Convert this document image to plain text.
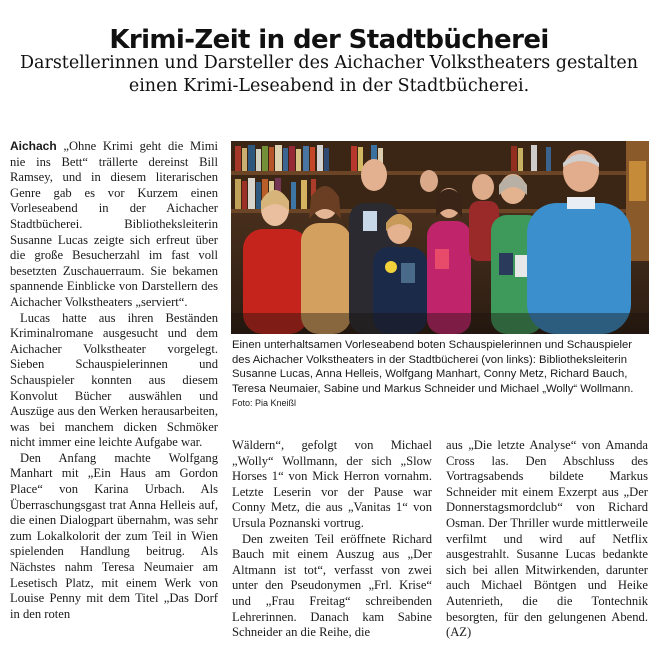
Krimi-Zeit in der Stadtbücherei
Darstellerinnen und Darsteller des Aichacher Volkstheaters gestalten einen Krimi-Leseabend in der Stadtbücherei.

Aichach „Ohne Krimi geht die Mimi nie ins Bett“ trällerte dereinst Bill Ramsey, und in diesem literarischen Genre gab es vor Kurzem einen Vorleseabend in der Aichacher Stadtbücherei. Bibliotheksleiterin Susanne Lucas zeigte sich erfreut über die große Besucherzahl im fast voll besetzten Zuschauerraum. Sie bekamen spannende Einblicke von Darstellern des Aichacher Volkstheaters „serviert“.

Lucas hatte aus ihren Beständen Kriminalromane ausgesucht und dem Aichacher Volkstheater vorgelegt. Sieben Schauspielerinnen und Schauspieler konnten aus diesem Konvolut Bücher auswählen und Auszüge aus den Werken herausarbeiten, was bei manchem dicken Schmöker nicht immer eine leichte Aufgabe war.

Den Anfang machte Wolfgang Manhart mit „Ein Haus am Gordon Place“ von Karina Urbach. Als Überraschungsgast trat Anna Helleis auf, die einen Dialogpart übernahm, was sehr zum Lokalkolorit der zum Teil in Wien spielenden Handlung beitrug. Als Nächstes nahm Teresa Neumaier am Lesetisch Platz, mit einem Werk von Louise Penny mit dem Titel „Das Dorf in den roten

Einen unterhaltsamen Vorleseabend boten Schauspielerinnen und Schauspieler des Aichacher Volkstheaters in der Stadtbücherei (von links): Bibliotheksleiterin Susanne Lucas, Anna Helleis, Wolfgang Manhart, Conny Metz, Richard Bauch, Teresa Neumaier, Sabine und Markus Schneider und Michael „Wolly“ Wollmann. Foto: Pia Kneißl

Wäldern“, gefolgt von Michael „Wolly“ Wollmann, der sich „Slow Horses 1“ von Mick Herron vornahm. Letzte Leserin vor der Pause war Conny Metz, die aus „Vanitas 1“ von Ursula Poznanski vortrug.

Den zweiten Teil eröffnete Richard Bauch mit einem Auszug aus „Der Altmann ist tot“, verfasst von zwei unter den Pseudonymen „Frl. Krise“ und „Frau Freitag“ schreibenden Lehrerinnen. Danach kam Sabine Schneider an die Reihe, die

aus „Die letzte Analyse“ von Amanda Cross las. Den Abschluss des Vortragsabends bildete Markus Schneider mit einem Exzerpt aus „Der Donnerstagsmordclub“ von Richard Osman. Der Thriller wurde mittlerweile verfilmt und wird auf Netflix ausgestrahlt. Susanne Lucas bedankte sich bei allen Mitwirkenden, darunter auch Michael Böntgen und Heike Autenrieth, die die Tontechnik besorgten, für den gelungenen Abend. (AZ)
